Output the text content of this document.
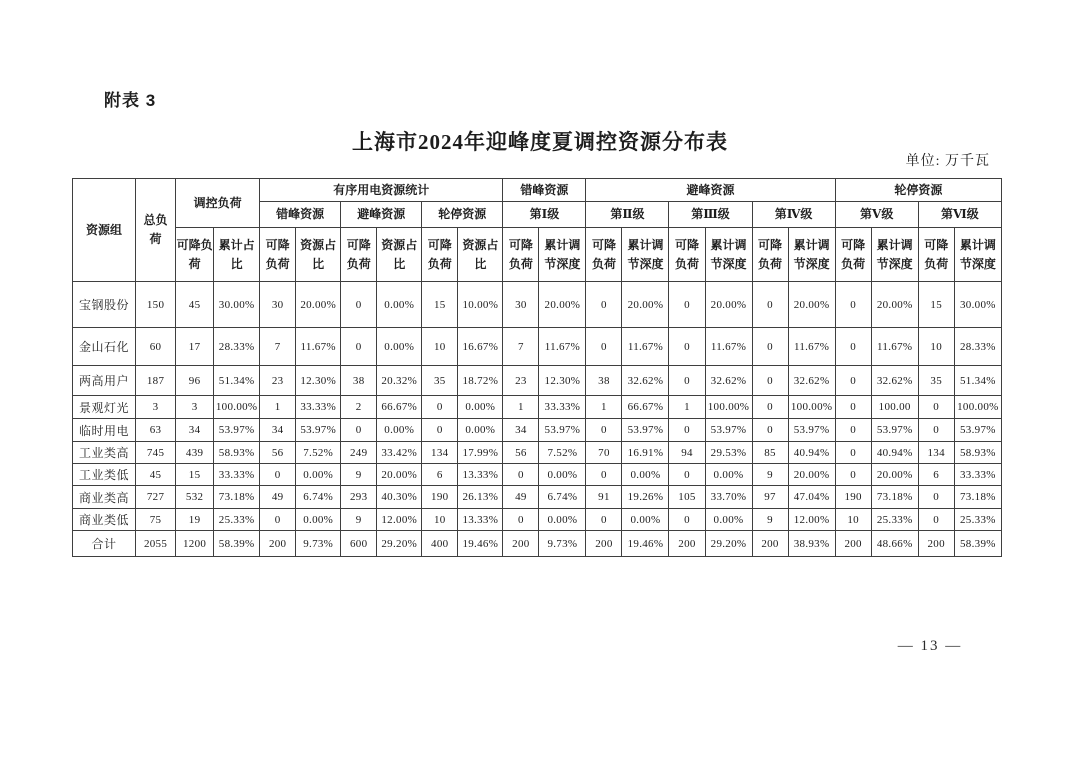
附表 3
上海市2024年迎峰度夏调控资源分布表
单位: 万千瓦
资源组	总负荷	调控负荷		有序用电资源统计						错峰资源		避峰资源						轮停资源			
				错峰资源		避峰资源		轮停资源		第Ⅰ级		第Ⅱ级		第Ⅲ级		第Ⅳ级		第Ⅴ级		第Ⅵ级	
		可降负荷	累计占比	可降负荷	资源占比	可降负荷	资源占比	可降负荷	资源占比	可降负荷	累计调节深度	可降负荷	累计调节深度	可降负荷	累计调节深度	可降负荷	累计调节深度	可降负荷	累计调节深度	可降负荷	累计调节深度
宝钢股份	150	45	30.00%	30	20.00%	0	0.00%	15	10.00%	30	20.00%	0	20.00%	0	20.00%	0	20.00%	0	20.00%	15	30.00%
金山石化	60	17	28.33%	7	11.67%	0	0.00%	10	16.67%	7	11.67%	0	11.67%	0	11.67%	0	11.67%	0	11.67%	10	28.33%
两高用户	187	96	51.34%	23	12.30%	38	20.32%	35	18.72%	23	12.30%	38	32.62%	0	32.62%	0	32.62%	0	32.62%	35	51.34%
景观灯光	3	3	100.00%	1	33.33%	2	66.67%	0	0.00%	1	33.33%	1	66.67%	1	100.00%	0	100.00%	0	100.00	0	100.00%
临时用电	63	34	53.97%	34	53.97%	0	0.00%	0	0.00%	34	53.97%	0	53.97%	0	53.97%	0	53.97%	0	53.97%	0	53.97%
工业类高	745	439	58.93%	56	7.52%	249	33.42%	134	17.99%	56	7.52%	70	16.91%	94	29.53%	85	40.94%	0	40.94%	134	58.93%
工业类低	45	15	33.33%	0	0.00%	9	20.00%	6	13.33%	0	0.00%	0	0.00%	0	0.00%	9	20.00%	0	20.00%	6	33.33%
商业类高	727	532	73.18%	49	6.74%	293	40.30%	190	26.13%	49	6.74%	91	19.26%	105	33.70%	97	47.04%	190	73.18%	0	73.18%
商业类低	75	19	25.33%	0	0.00%	9	12.00%	10	13.33%	0	0.00%	0	0.00%	0	0.00%	9	12.00%	10	25.33%	0	25.33%
合计	2055	1200	58.39%	200	9.73%	600	29.20%	400	19.46%	200	9.73%	200	19.46%	200	29.20%	200	38.93%	200	48.66%	200	58.39%
— 13 —
